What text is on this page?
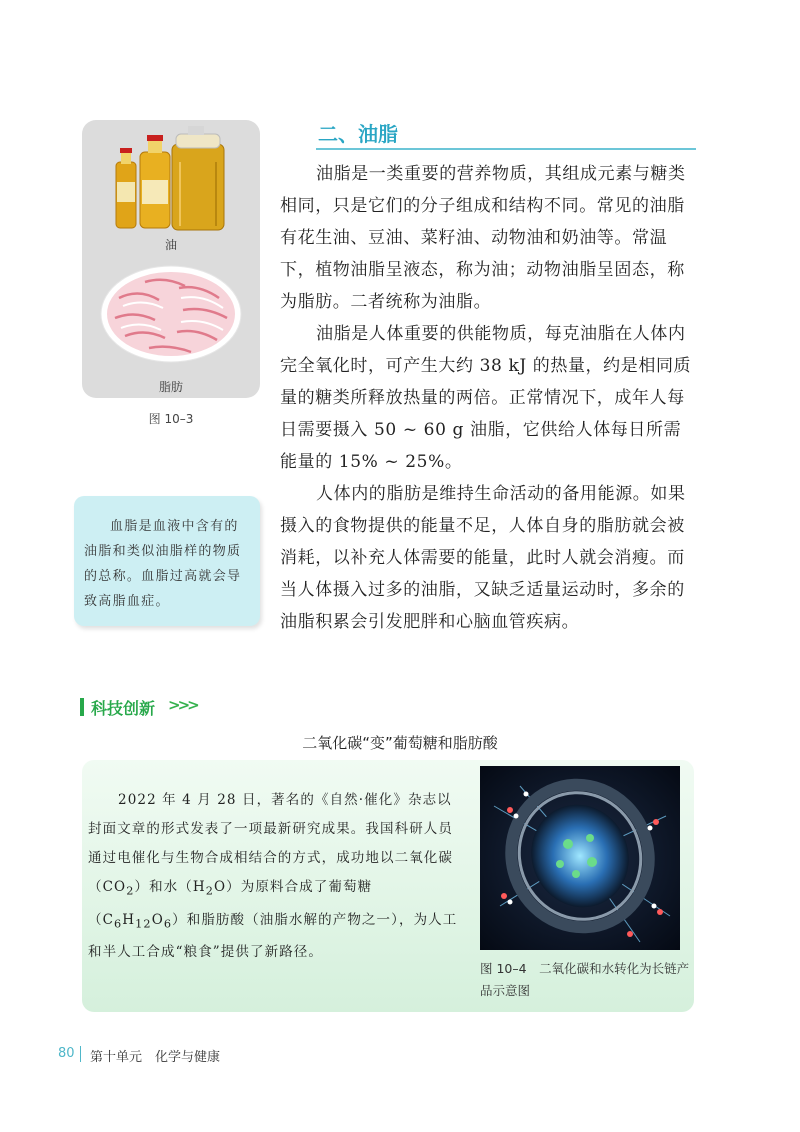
油
脂肪
图 10–3
血脂是血液中含有的油脂和类似油脂样的物质的总称。血脂过高就会导致高脂血症。
二、油脂

油脂是一类重要的营养物质，其组成元素与糖类相同，只是它们的分子组成和结构不同。常见的油脂有花生油、豆油、菜籽油、动物油和奶油等。常温下，植物油脂呈液态，称为油；动物油脂呈固态，称为脂肪。二者统称为油脂。

油脂是人体重要的供能物质，每克油脂在人体内完全氧化时，可产生大约 38 kJ 的热量，约是相同质量的糖类所释放热量的两倍。正常情况下，成年人每日需要摄入 50 ~ 60 g 油脂，它供给人体每日所需能量的 15% ~ 25%。

人体内的脂肪是维持生命活动的备用能源。如果摄入的食物提供的能量不足，人体自身的脂肪就会被消耗，以补充人体需要的能量，此时人就会消瘦。而当人体摄入过多的油脂，又缺乏适量运动时，多余的油脂积累会引发肥胖和心脑血管疾病。

科技创新 >>>
二氧化碳“变”葡萄糖和脂肪酸
2022 年 4 月 28 日，著名的《自然·催化》杂志以封面文章的形式发表了一项最新研究成果。我国科研人员通过电催化与生物合成相结合的方式，成功地以二氧化碳$(CO_2)$和水$(H_2O)$为原料合成了葡萄糖$(C_6H_{12}O_6)$和脂肪酸（油脂水解的产物之一），为人工和半人工合成“粮食”提供了新路径。
图 10–4　二氧化碳和水转化为长链产品示意图
80 第十单元　化学与健康
